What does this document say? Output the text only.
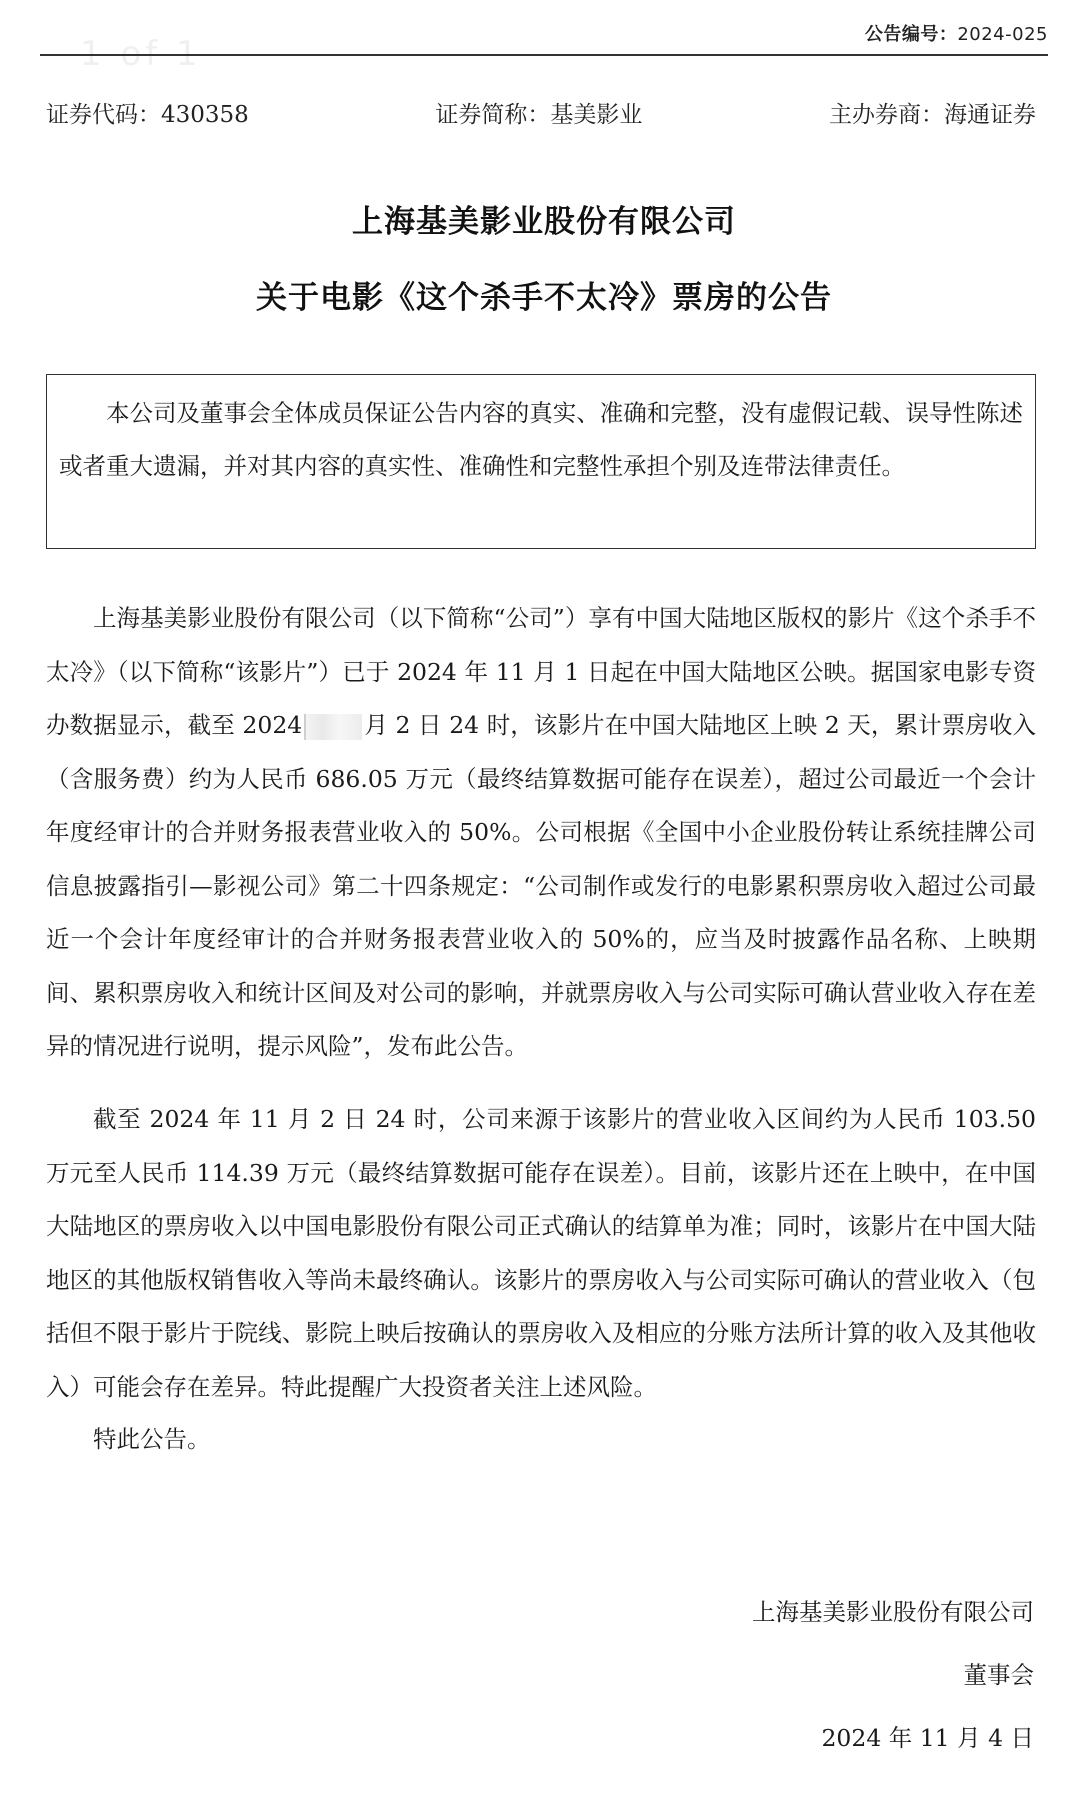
1 of 1	公告编号：2024-025
证券代码：430358	证券简称：基美影业	主办券商：海通证券
上海基美影业股份有限公司
关于电影《这个杀手不太冷》票房的公告
本公司及董事会全体成员保证公告内容的真实、准确和完整，没有虚假记载、误导性陈述或者重大遗漏，并对其内容的真实性、准确性和完整性承担个别及连带法律责任。
上海基美影业股份有限公司（以下简称“公司”）享有中国大陆地区版权的影片《这个杀手不太冷》（以下简称“该影片”）已于 2024 年 11 月 1 日起在中国大陆地区公映。据国家电影专资办数据显示，截至 2024	月 2 日 24 时，该影片在中国大陆地区上映 2 天，累计票房收入（含服务费）约为人民币 686.05 万元（最终结算数据可能存在误差），超过公司最近一个会计年度经审计的合并财务报表营业收入的 50%。公司根据《全国中小企业股份转让系统挂牌公司信息披露指引—影视公司》第二十四条规定：“公司制作或发行的电影累积票房收入超过公司最近一个会计年度经审计的合并财务报表营业收入的 50%的，应当及时披露作品名称、上映期间、累积票房收入和统计区间及对公司的影响，并就票房收入与公司实际可确认营业收入存在差异的情况进行说明，提示风险”，发布此公告。
截至 2024 年 11 月 2 日 24 时，公司来源于该影片的营业收入区间约为人民币 103.50 万元至人民币 114.39 万元（最终结算数据可能存在误差）。目前，该影片还在上映中，在中国大陆地区的票房收入以中国电影股份有限公司正式确认的结算单为准；同时，该影片在中国大陆地区的其他版权销售收入等尚未最终确认。该影片的票房收入与公司实际可确认的营业收入（包括但不限于影片于院线、影院上映后按确认的票房收入及相应的分账方法所计算的收入及其他收入）可能会存在差异。特此提醒广大投资者关注上述风险。
特此公告。
上海基美影业股份有限公司
董事会
2024 年 11 月 4 日
